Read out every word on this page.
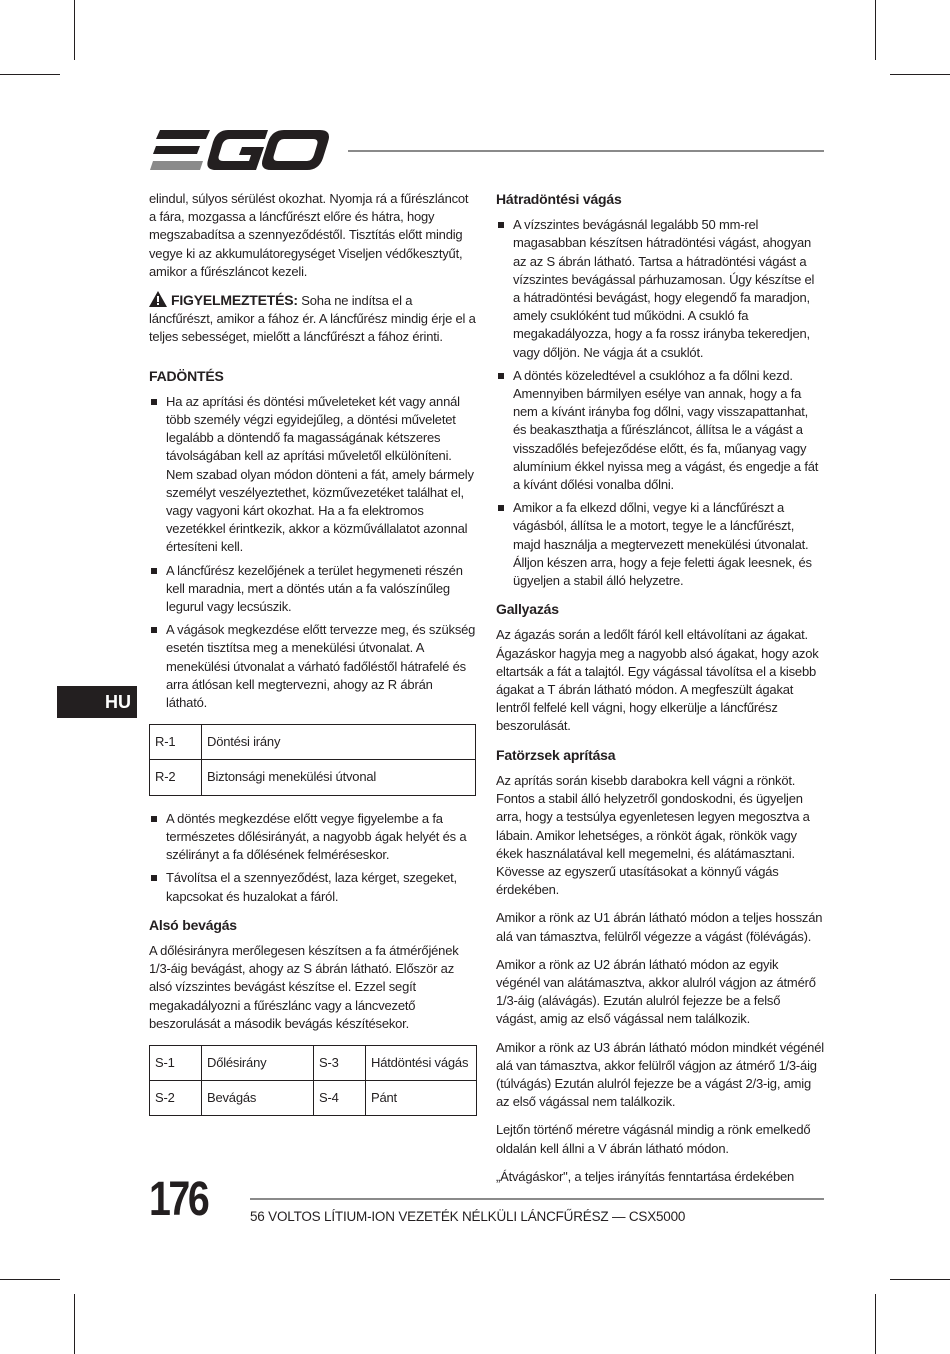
elindul, súlyos sérülést okozhat. Nyomja rá a fűrészláncot a fára, mozgassa a láncfűrészt előre és hátra, hogy megszabadítsa a szennyeződéstől. Tisztítás előtt mindig vegye ki az akkumulátoregységet Viseljen védőkesztyűt, amikor a fűrészláncot kezeli.

FIGYELMEZTETÉS: Soha ne indítsa el a láncfűrészt, amikor a fához ér. A láncfűrész mindig érje el a teljes sebességet, mielőtt a láncfűrészt a fához érinti.

FADÖNTÉS
Ha az aprítási és döntési műveleteket két vagy annál több személy végzi egyidejűleg, a döntési műveletet legalább a döntendő fa magasságának kétszeres távolságában kell az aprítási műveletől elkülöníteni. Nem szabad olyan módon dönteni a fát, amely bármely személyt veszélyeztethet, közművezetéket találhat el, vagy vagyoni kárt okozhat. Ha a fa elektromos vezetékkel érintkezik, akkor a közművállalatot azonnal értesíteni kell.
A láncfűrész kezelőjének a terület hegymeneti részén kell maradnia, mert a döntés után a fa valószínűleg legurul vagy lecsúszik.
A vágások megkezdése előtt tervezze meg, és szükség esetén tisztítsa meg a menekülési útvonalat. A menekülési útvonalat a várható fadőléstől hátrafelé és arra átlósan kell megtervezni, ahogy az R ábrán látható.
R-1	Döntési irány
R-2	Biztonsági menekülési útvonal
A döntés megkezdése előtt vegye figyelembe a fa természetes dőlésirányát, a nagyobb ágak helyét és a szélirányt a fa dőlésének felméréseskor.
Távolítsa el a szennyeződést, laza kérget, szegeket, kapcsokat és huzalokat a fáról.
Alsó bevágás

A dőlésirányra merőlegesen készítsen a fa átmérőjének 1/3-áig bevágást, ahogy az S ábrán látható. Először az alsó vízszintes bevágást készítse el. Ezzel segít megakadályozni a fűrészlánc vagy a láncvezető beszorulását a második bevágás készítésekor.

S-1	Dőlésirány	S-3	Hátdöntési vágás
S-2	Bevágás	S-4	Pánt
Hátradöntési vágás
A vízszintes bevágásnál legalább 50 mm-rel magasabban készítsen hátradöntési vágást, ahogyan az az S ábrán látható. Tartsa a hátradöntési vágást a vízszintes bevágással párhuzamosan. Úgy készítse el a hátradöntési bevágást, hogy elegendő fa maradjon, amely csuklóként tud működni. A csukló fa megakadályozza, hogy a fa rossz irányba tekeredjen, vagy dőljön. Ne vágja át a csuklót.
A döntés közeledtével a csuklóhoz a fa dőlni kezd. Amennyiben bármilyen esélye van annak, hogy a fa nem a kívánt irányba fog dőlni, vagy visszapattanhat, és beakaszthatja a fűrészláncot, állítsa le a vágást a visszadőlés befejeződése előtt, és fa, műanyag vagy alumínium ékkel nyissa meg a vágást, és engedje a fát a kívánt dőlési vonalba dőlni.
Amikor a fa elkezd dőlni, vegye ki a láncfűrészt a vágásból, állítsa le a motort, tegye le a láncfűrészt, majd használja a megtervezett menekülési útvonalat. Álljon készen arra, hogy a feje feletti ágak leesnek, és ügyeljen a stabil álló helyzetre.
Gallyazás

Az ágazás során a ledőlt fáról kell eltávolítani az ágakat. Ágazáskor hagyja meg a nagyobb alsó ágakat, hogy azok eltartsák a fát a talajtól. Egy vágással távolítsa el a kisebb ágakat a T ábrán látható módon. A megfeszült ágakat lentről felfelé kell vágni, hogy elkerülje a láncfűrész beszorulását.

Fatörzsek aprítása

Az aprítás során kisebb darabokra kell vágni a rönköt. Fontos a stabil álló helyzetről gondoskodni, és ügyeljen arra, hogy a testsúlya egyenletesen legyen megosztva a lábain. Amikor lehetséges, a rönköt ágak, rönkök vagy ékek használatával kell megemelni, és alátámasztani. Kövesse az egyszerű utasításokat a könnyű vágás érdekében.

Amikor a rönk az U1 ábrán látható módon a teljes hosszán alá van támasztva, felülről végezze a vágást (fölévágás).

Amikor a rönk az U2 ábrán látható módon az egyik végénél van alátámasztva, akkor alulról vágjon az átmérő 1/3-áig (alávágás). Ezután alulról fejezze be a felső vágást, amig az első vágással nem találkozik.

Amikor a rönk az U3 ábrán látható módon mindkét végénél alá van támasztva, akkor felülről vágjon az átmérő 1/3-áig (túlvágás) Ezután alulról fejezze be a vágást 2/3-ig, amig az első vágással nem találkozik.

Lejtőn történő méretre vágásnál mindig a rönk emelkedő oldalán kell állni a V ábrán látható módon.

„Átvágáskor", a teljes irányítás fenntartása érdekében

HU
176	56 VOLTOS LÍTIUM-ION VEZETÉK NÉLKÜLI LÁNCFŰRÉSZ — CSX5000
